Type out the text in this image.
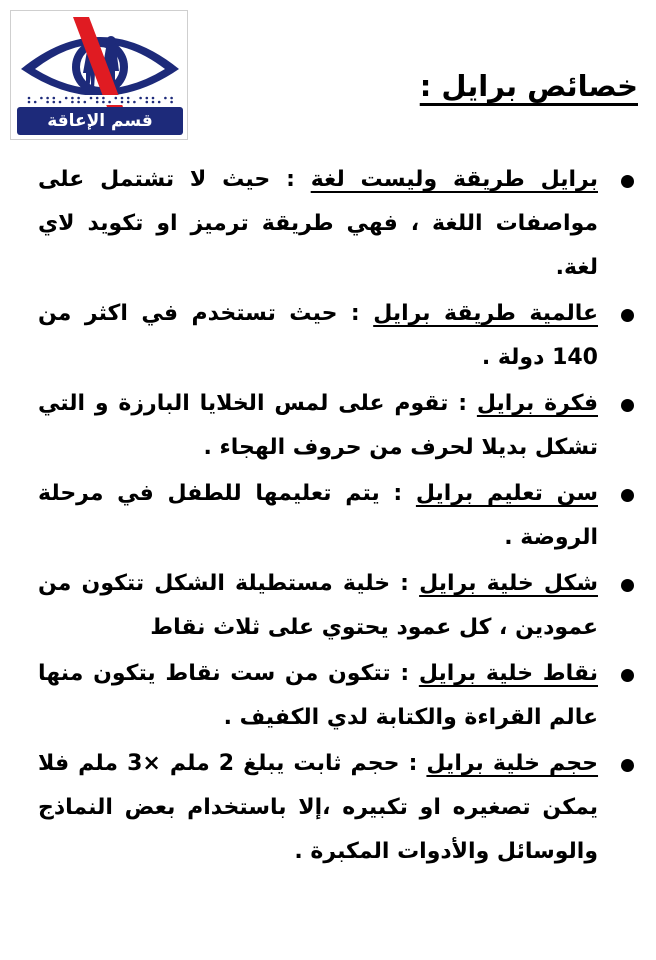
قسم الإعاقة البصرية
خصائص برايل :
برايل طريقة وليست لغة : حيث لا تشتمل على مواصفات اللغة ، فهي طريقة ترميز او تكويد لاي لغة.
عالمية طريقة برايل : حيث تستخدم في اكثر من 140 دولة .
فكرة برايل : تقوم على لمس الخلايا البارزة و التي تشكل بديلا لحرف من حروف الهجاء .
سن تعليم برايل : يتم تعليمها للطفل في مرحلة الروضة .
شكل خلية برايل : خلية مستطيلة الشكل تتكون من عمودين ، كل عمود يحتوي على ثلاث نقاط
نقاط خلية برايل : تتكون من ست نقاط يتكون منها عالم القراءة والكتابة لدي الكفيف .
حجم خلية برايل : حجم ثابت يبلغ 2 ملم ×3 ملم فلا يمكن تصغيره او تكبيره ،إلا باستخدام بعض النماذج والوسائل والأدوات المكبرة .
